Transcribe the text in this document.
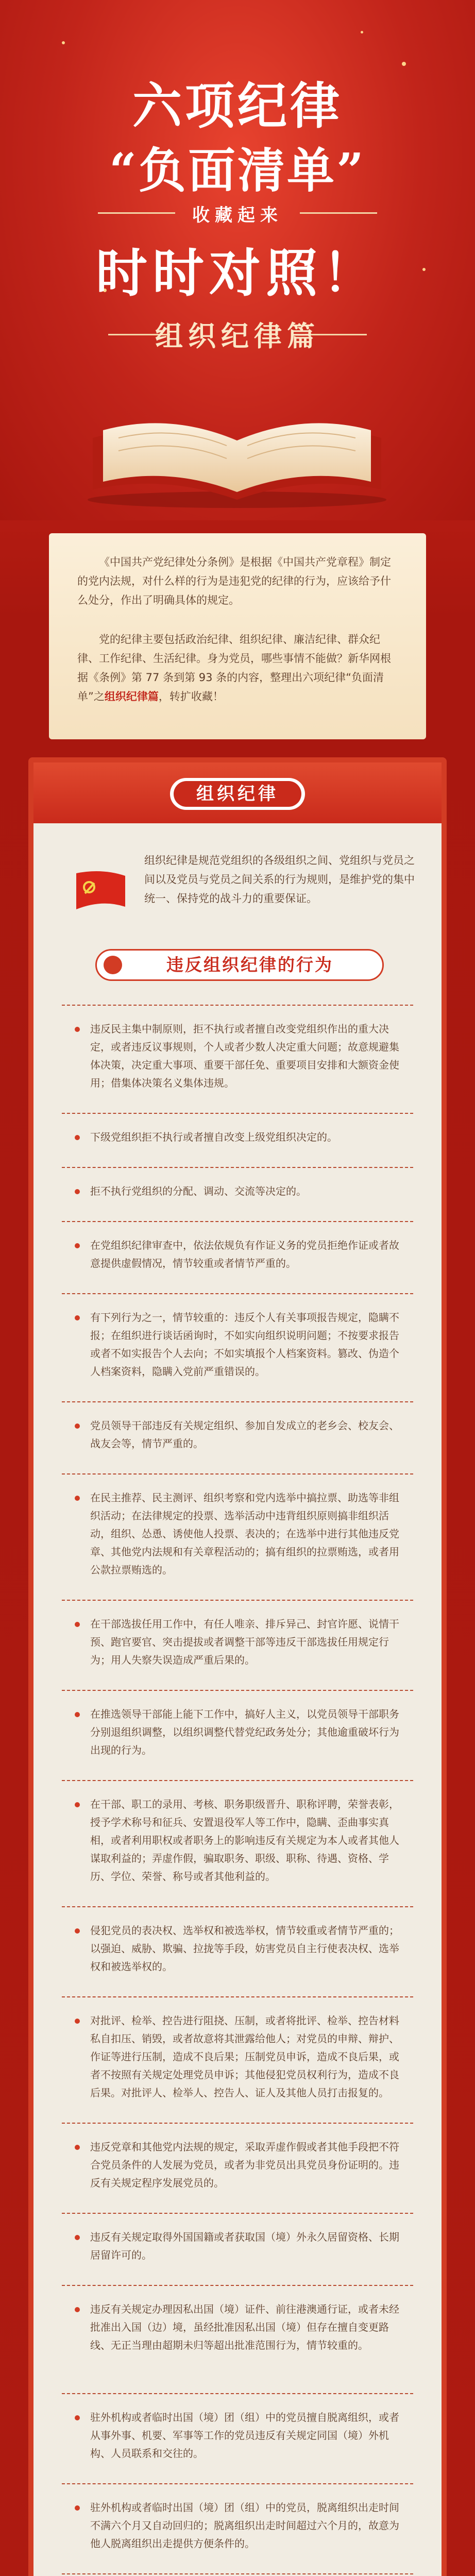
六项纪律
“负面清单”
收藏起来
时时对照！
组织纪律篇

《中国共产党纪律处分条例》是根据《中国共产党章程》制定的党内法规，对什么样的行为是违犯党的纪律的行为，应该给予什么处分，作出了明确具体的规定。

党的纪律主要包括政治纪律、组织纪律、廉洁纪律、群众纪律、工作纪律、生活纪律。身为党员，哪些事情不能做？新华网根据《条例》第 77 条到第 93 条的内容，整理出六项纪律“负面清单”之组织纪律篇，转扩收藏！

组织纪律

组织纪律是规范党组织的各级组织之间、党组织与党员之间以及党员与党员之间关系的行为规则，是维护党的集中统一、保持党的战斗力的重要保证。

违反组织纪律的行为

违反民主集中制原则，拒不执行或者擅自改变党组织作出的重大决定，或者违反议事规则，个人或者少数人决定重大问题；故意规避集体决策，决定重大事项、重要干部任免、重要项目安排和大额资金使用；借集体决策名义集体违规。

下级党组织拒不执行或者擅自改变上级党组织决定的。

拒不执行党组织的分配、调动、交流等决定的。

在党组织纪律审查中，依法依规负有作证义务的党员拒绝作证或者故意提供虚假情况，情节较重或者情节严重的。

有下列行为之一，情节较重的：违反个人有关事项报告规定，隐瞒不报；在组织进行谈话函询时，不如实向组织说明问题；不按要求报告或者不如实报告个人去向；不如实填报个人档案资料。篡改、伪造个人档案资料，隐瞒入党前严重错误的。

党员领导干部违反有关规定组织、参加自发成立的老乡会、校友会、战友会等，情节严重的。

在民主推荐、民主测评、组织考察和党内选举中搞拉票、助选等非组织活动；在法律规定的投票、选举活动中违背组织原则搞非组织活动，组织、怂恿、诱使他人投票、表决的；在选举中进行其他违反党章、其他党内法规和有关章程活动的；搞有组织的拉票贿选，或者用公款拉票贿选的。

在干部选拔任用工作中，有任人唯亲、排斥异己、封官许愿、说情干预、跑官要官、突击提拔或者调整干部等违反干部选拔任用规定行为；用人失察失误造成严重后果的。

在推选领导干部能上能下工作中，搞好人主义，以党员领导干部职务分别退组织调整，以组织调整代替党纪政务处分；其他逾重破坏行为出现的行为。

在干部、职工的录用、考核、职务职级晋升、职称评聘，荣誉表彰，授予学术称号和征兵、安置退役军人等工作中，隐瞒、歪曲事实真相，或者利用职权或者职务上的影响违反有关规定为本人或者其他人谋取利益的；弄虚作假，骗取职务、职级、职称、待遇、资格、学历、学位、荣誉、称号或者其他利益的。

侵犯党员的表决权、选举权和被选举权，情节较重或者情节严重的；以强迫、威胁、欺骗、拉拢等手段，妨害党员自主行使表决权、选举权和被选举权的。

对批评、检举、控告进行阻挠、压制，或者将批评、检举、控告材料私自扣压、销毁，或者故意将其泄露给他人；对党员的申辩、辩护、作证等进行压制，造成不良后果；压制党员申诉，造成不良后果，或者不按照有关规定处理党员申诉；其他侵犯党员权利行为，造成不良后果。对批评人、检举人、控告人、证人及其他人员打击报复的。

违反党章和其他党内法规的规定，采取弄虚作假或者其他手段把不符合党员条件的人发展为党员，或者为非党员出具党员身份证明的。违反有关规定程序发展党员的。

违反有关规定取得外国国籍或者获取国（境）外永久居留资格、长期居留许可的。

违反有关规定办理因私出国（境）证件、前往港澳通行证，或者未经批准出入国（边）境，虽经批准因私出国（境）但存在擅自变更路线、无正当理由超期未归等超出批准范围行为，情节较重的。

驻外机构或者临时出国（境）团（组）中的党员擅自脱离组织，或者从事外事、机要、军事等工作的党员违反有关规定同国（境）外机构、人员联系和交往的。

驻外机构或者临时出国（境）团（组）中的党员，脱离组织出走时间不满六个月又自动回归的；脱离组织出走时间超过六个月的，故意为他人脱离组织出走提供方便条件的。
